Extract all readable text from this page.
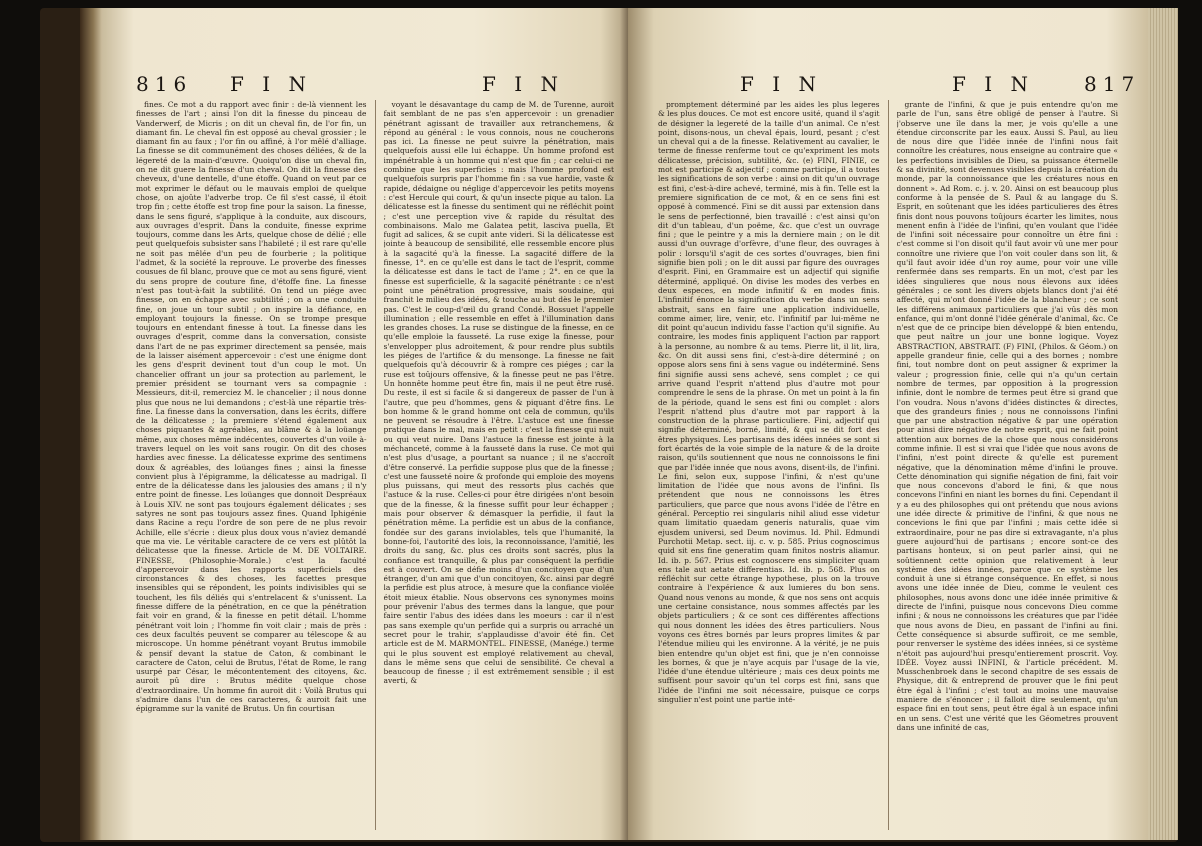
816 F I N	F I N

fines. Ce mot a du rapport avec finir : de-là viennent les finesses de l'art ; ainsi l'on dit la finesse du pinceau de Vanderwerf, de Micris ; on dit un cheval fin, de l'or fin, un diamant fin. Le cheval fin est opposé au cheval grossier ; le diamant fin au faux ; l'or fin ou affiné, à l'or mêlé d'alliage. La finesse se dit communément des choses déliées, & de la légereté de la main-d'œuvre. Quoiqu'on dise un cheval fin, on ne dit guere la finesse d'un cheval. On dit la finesse des cheveux, d'une dentelle, d'une étoffe. Quand on veut par ce mot exprimer le défaut ou le mauvais emploi de quelque chose, on ajoûte l'adverbe trop. Ce fil s'est cassé, il étoit trop fin ; cette étoffe est trop fine pour la saison. La finesse, dans le sens figuré, s'applique à la conduite, aux discours, aux ouvrages d'esprit. Dans la conduite, finesse exprime toujours, comme dans les Arts, quelque chose de délié ; elle peut quelquefois subsister sans l'habileté ; il est rare qu'elle ne soit pas mêlée d'un peu de fourberie ; la politique l'admet, & la société la reprouve. Le proverbe des finesses cousues de fil blanc, prouve que ce mot au sens figuré, vient du sens propre de couture fine, d'étoffe fine. La finesse n'est pas tout-à-fait la subtilité. On tend un piége avec finesse, on en échappe avec subtilité ; on a une conduite fine, on joue un tour subtil ; on inspire la défiance, en employant toujours la finesse. On se trompe presque toujours en entendant finesse à tout. La finesse dans les ouvrages d'esprit, comme dans la conversation, consiste dans l'art de ne pas exprimer directement sa pensée, mais de la laisser aisément appercevoir : c'est une énigme dont les gens d'esprit devinent tout d'un coup le mot. Un chancelier offrant un jour sa protection au parlement, le premier président se tournant vers sa compagnie : Messieurs, dit-il, remerciez M. le chancelier ; il nous donne plus que nous ne lui demandons ; c'est-là une répartie très-fine. La finesse dans la conversation, dans les écrits, differe de la délicatesse ; la premiere s'étend également aux choses piquantes & agréables, au blâme & à la loüange même, aux choses même indécentes, couvertes d'un voile à-travers lequel on les voit sans rougir. On dit des choses hardies avec finesse. La délicatesse exprime des sentimens doux & agréables, des loüanges fines ; ainsi la finesse convient plus à l'épigramme, la délicatesse au madrigal. Il entre de la délicatesse dans les jalousies des amans ; il n'y entre point de finesse. Les loüanges que donnoit Despréaux à Louis XIV. ne sont pas toujours également délicates ; ses satyres ne sont pas toujours assez fines. Quand Iphigénie dans Racine a reçu l'ordre de son pere de ne plus revoir Achille, elle s'écrie : dieux plus doux vous n'aviez demandé que ma vie. Le véritable caractere de ce vers est plûtôt la délicatesse que la finesse. Article de M. DE VOLTAIRE. FINESSE, (Philosophie-Morale.) c'est la faculté d'appercevoir dans les rapports superficiels des circonstances & des choses, les facettes presque insensibles qui se répondent, les points indivisibles qui se touchent, les fils déliés qui s'entrelacent & s'unissent. La finesse differe de la pénétration, en ce que la pénétration fait voir en grand, & la finesse en petit détail. L'homme pénétrant voit loin ; l'homme fin voit clair ; mais de près : ces deux facultés peuvent se comparer au télescope & au microscope. Un homme pénétrant voyant Brutus immobile & pensif devant la statue de Caton, & combinant le caractere de Caton, celui de Brutus, l'état de Rome, le rang usurpé par César, le mécontentement des citoyens, &c. auroit pû dire : Brutus médite quelque chose d'extraordinaire. Un homme fin auroit dit : Voilà Brutus qui s'admire dans l'un de ces caracteres, & auroit fait une épigramme sur la vanité de Brutus. Un fin courtisan

voyant le désavantage du camp de M. de Turenne, auroit fait semblant de ne pas s'en appercevoir : un grenadier pénétrant agissant de travailler aux retranchemens, & répond au général : le vous connois, nous ne coucherons pas ici. La finesse ne peut suivre la pénétration, mais quelquefois aussi elle lui échappe. Un homme profond est impénétrable à un homme qui n'est que fin ; car celui-ci ne combine que les superficies : mais l'homme profond est quelquefois surpris par l'homme fin : sa vue hardie, vaste & rapide, dédaigne ou néglige d'appercevoir les petits moyens : c'est Hercule qui court, & qu'un insecte pique au talon. La délicatesse est la finesse du sentiment qui ne réfléchit point ; c'est une perception vive & rapide du résultat des combinaisons. Malo me Galatea petit, lasciva puella, Et fugit ad salices, & se cupit ante videri. Si la délicatesse est jointe à beaucoup de sensibilité, elle ressemble encore plus à la sagacité qu'à la finesse. La sagacité differe de la finesse, 1°. en ce qu'elle est dans le tact de l'esprit, comme la délicatesse est dans le tact de l'ame ; 2°. en ce que la finesse est superficielle, & la sagacité pénétrante : ce n'est point une pénétration progressive, mais soudaine, qui franchit le milieu des idées, & touche au but dès le premier pas. C'est le coup-d'œil du grand Condé. Bossuet l'appelle illumination ; elle ressemble en effet à l'illumination dans les grandes choses. La ruse se distingue de la finesse, en ce qu'elle emploie la fausseté. La ruse exige la finesse, pour s'envelopper plus adroitement, & pour rendre plus subtils les piéges de l'artifice & du mensonge. La finesse ne fait quelquefois qu'à découvrir & à rompre ces piéges ; car la ruse est toûjours offensive, & la finesse peut ne pas l'être. Un honnête homme peut être fin, mais il ne peut être rusé. Du reste, il est si facile & si dangereux de passer de l'un à l'autre, que peu d'hommes, gens & piquant d'être fins. Le bon homme & le grand homme ont cela de commun, qu'ils ne peuvent se résoudre à l'être. L'astuce est une finesse pratique dans le mal, mais en petit : c'est la finesse qui nuit ou qui veut nuire. Dans l'astuce la finesse est jointe à la méchanceté, comme à la fausseté dans la ruse. Ce mot qui n'est plus d'usage, a pourtant sa nuance ; il ne s'accroît d'être conservé. La perfidie suppose plus que de la finesse ; c'est une fausseté noire & profonde qui emploie des moyens plus puissans, qui meut des ressorts plus cachés que l'astuce & la ruse. Celles-ci pour être dirigées n'ont besoin que de la finesse, & la finesse suffit pour leur échapper ; mais pour observer & démasquer la perfidie, il faut la pénétration même. La perfidie est un abus de la confiance, fondée sur des garans inviolables, tels que l'humanité, la bonne-foi, l'autorité des lois, la reconnoissance, l'amitié, les droits du sang, &c. plus ces droits sont sacrés, plus la confiance est tranquille, & plus par conséquent la perfidie est à couvert. On se défie moins d'un concitoyen que d'un étranger, d'un ami que d'un concitoyen, &c. ainsi par degré la perfidie est plus atroce, à mesure que la confiance violée étoit mieux établie. Nous observons ces synonymes moins pour prévenir l'abus des termes dans la langue, que pour faire sentir l'abus des idées dans les moeurs : car il n'est pas sans exemple qu'un perfide qui a surpris ou arraché un secret pour le trahir, s'applaudisse d'avoir été fin. Cet article est de M. MARMONTEL. FINESSE, (Manége.) terme qui le plus souvent est employé relativement au cheval, dans le même sens que celui de sensibilité. Ce cheval a beaucoup de finesse ; il est extrêmement sensible ; il est averti, &

F I N	F I N	817

promptement déterminé par les aides les plus legeres & les plus douces. Ce mot est encore usité, quand il s'agit de désigner la legereté de la taille d'un animal. Ce n'est point, disons-nous, un cheval épais, lourd, pesant ; c'est un cheval qui a de la finesse. Relativement au cavalier, le terme de finesse renferme tout ce qu'expriment les mots délicatesse, précision, subtilité, &c. (e) FINI, FINIE, ce mot est participe & adjectif ; comme participe, il a toutes les significations de son verbe : ainsi on dit qu'un ouvrage est fini, c'est-à-dire achevé, terminé, mis à fin. Telle est la premiere signification de ce mot, & en ce sens fini est opposé à commencé. Fini se dit aussi par extension dans le sens de perfectionné, bien travaillé : c'est ainsi qu'on dit d'un tableau, d'un poëme, &c. que c'est un ouvrage fini ; que le peintre y a mis la derniere main ; on le dit aussi d'un ouvrage d'orfèvre, d'une fleur, des ouvrages à polir : lorsqu'il s'agit de ces sortes d'ouvrages, bien fini signifie bien poli ; on le dit aussi par figure des ouvrages d'esprit. Fini, en Grammaire est un adjectif qui signifie déterminé, appliqué. On divise les modes des verbes en deux especes, en mode infinitif & en modes finis. L'infinitif énonce la signification du verbe dans un sens abstrait, sans en faire une application individuelle, comme aimer, lire, venir, etc. l'infinitif par lui-même ne dit point qu'aucun individu fasse l'action qu'il signifie. Au contraire, les modes finis appliquent l'action par rapport à la personne, au nombre & au tems. Pierre lit, il lit, lira, &c. On dit aussi sens fini, c'est-à-dire déterminé ; on oppose alors sens fini à sens vague ou indéterminé. Sens fini signifie aussi sens achevé, sens complet ; ce qui arrive quand l'esprit n'attend plus d'autre mot pour comprendre le sens de la phrase. On met un point à la fin de la période, quand le sens est fini ou complet : alors l'esprit n'attend plus d'autre mot par rapport à la construction de la phrase particuliere. Fini, adjectif qui signifie déterminé, borné, limité, & qui se dit fort des êtres physiques. Les partisans des idées innées se sont si fort écartés de la voie simple de la nature & de la droite raison, qu'ils soutiennent que nous ne connoissons le fini que par l'idée innée que nous avons, disent-ils, de l'infini. Le fini, selon eux, suppose l'infini, & n'est qu'une limitation de l'idée que nous avons de l'infini. Ils prétendent que nous ne connoissons les êtres particuliers, que parce que nous avons l'idée de l'être en général. Perceptio rei singularis nihil aliud esse videtur quam limitatio quaedam generis naturalis, quae vim ejusdem universi, sed Deum novimus. Id. Phil. Edmundi Purchotii Metap. sect. iij. c. v. p. 585. Prius cognoscimus quid sit ens fine generatim quam finitos nostris aliamur. Id. ib. p. 567. Prius est cognoscere ens simpliciter quam ens tale aut aetate differentias. Id. ib. p. 568. Plus on réfléchit sur cette étrange hypothese, plus on la trouve contraire à l'expérience & aux lumieres du bon sens. Quand nous venons au monde, & que nos sens ont acquis une certaine consistance, nous sommes affectés par les objets particuliers ; & ce sont ces différentes affections qui nous donnent les idées des êtres particuliers. Nous voyons ces êtres bornés par leurs propres limites & par l'étendue milieu qui les environne. A la vérité, je ne puis bien entendre qu'un objet est fini, que je n'en connoisse les bornes, & que je n'aye acquis par l'usage de la vie, l'idée d'une étendue ultérieure ; mais ces deux points me suffisent pour savoir qu'un tel corps est fini, sans que l'idée de l'infini me soit nécessaire, puisque ce corps singulier n'est point une partie inté-

grante de l'infini, & que je puis entendre qu'on me parle de l'un, sans être obligé de penser à l'autre. Si j'observe une île dans la mer, je vois qu'elle a une étendue circonscrite par les eaux. Aussi S. Paul, au lieu de nous dire que l'idée innée de l'infini nous fait connoître les créatures, nous enseigne au contraire que « les perfections invisibles de Dieu, sa puissance éternelle & sa divinité, sont devenues visibles depuis la création du monde, par la connoissance que les créatures nous en donnent ». Ad Rom. c. j. v. 20. Ainsi on est beaucoup plus conforme à la pensée de S. Paul & au langage du S. Esprit, en soûtenant que les idées particulieres des êtres finis dont nous pouvons toûjours écarter les limites, nous menent enfin à l'idée de l'infini, qu'en voulant que l'idée de l'infini soit nécessaire pour connoître un être fini : c'est comme si l'on disoit qu'il faut avoir vû une mer pour connoître une riviere que l'on voit couler dans son lit, & qu'il faut avoir idée d'un roy aume, pour voir une ville renfermée dans ses remparts. En un mot, c'est par les idées singulieres que nous nous élevons aux idées générales ; ce sont les divers objets blancs dont j'ai été affecté, qui m'ont donné l'idée de la blancheur ; ce sont les différens animaux particuliers que j'ai vûs dès mon enfance, qui m'ont donné l'idée générale d'animal, &c. Ce n'est que de ce principe bien développé & bien entendu, que peut naître un jour une bonne logique. Voyez ABSTRACTION, ABSTRAIT. (F) FINI, (Philos. & Géom.) on appelle grandeur finie, celle qui a des bornes ; nombre fini, tout nombre dont on peut assigner & exprimer la valeur ; progression finie, celle qui n'a qu'un certain nombre de termes, par opposition à la progression infinie, dont le nombre de termes peut être si grand que l'on voudra. Nous n'avons d'idées distinctes & directes, que des grandeurs finies ; nous ne connoissons l'infini que par une abstraction négative & par une opération pour ainsi dire négative de notre esprit, qui ne fait point attention aux bornes de la chose que nous considérons comme infinie. Il est si vrai que l'idée que nous avons de l'infini, n'est point directe & qu'elle est purement négative, que la dénomination même d'infini le prouve. Cette dénomination qui signifie négation de fini, fait voir que nous concevons d'abord le fini, & que nous concevons l'infini en niant les bornes du fini. Cependant il y a eu des philosophes qui ont prétendu que nous avions une idée directe & primitive de l'infini, & que nous ne concevions le fini que par l'infini ; mais cette idée si extraordinaire, pour ne pas dire si extravagante, n'a plus guere aujourd'hui de partisans ; encore sont-ce des partisans honteux, si on peut parler ainsi, qui ne soûtiennent cette opinion que relativement à leur système des idées innées, parce que ce système les conduit à une si étrange conséquence. En effet, si nous avons une idée innée de Dieu, comme le veulent ces philosophes, nous avons donc une idée innée primitive & directe de l'infini, puisque nous concevons Dieu comme infini ; & nous ne connoissons les créatures que par l'idée que nous avons de Dieu, en passant de l'infini au fini. Cette conséquence si absurde suffiroit, ce me semble, pour renverser le système des idées innées, si ce système n'étoit pas aujourd'hui presqu'entierement proscrit. Voy. IDÉE. Voyez aussi INFINI, & l'article précédent. M. Musschenbroek dans le second chapitre de ses essais de Physique, dit & entreprend de prouver que le fini peut être égal à l'infini ; c'est tout au moins une mauvaise maniere de s'énoncer ; il falloit dire seulement, qu'un espace fini en tout sens, peut être égal à un espace infini en un sens. C'est une vérité que les Géometres prouvent dans une infinité de cas,
